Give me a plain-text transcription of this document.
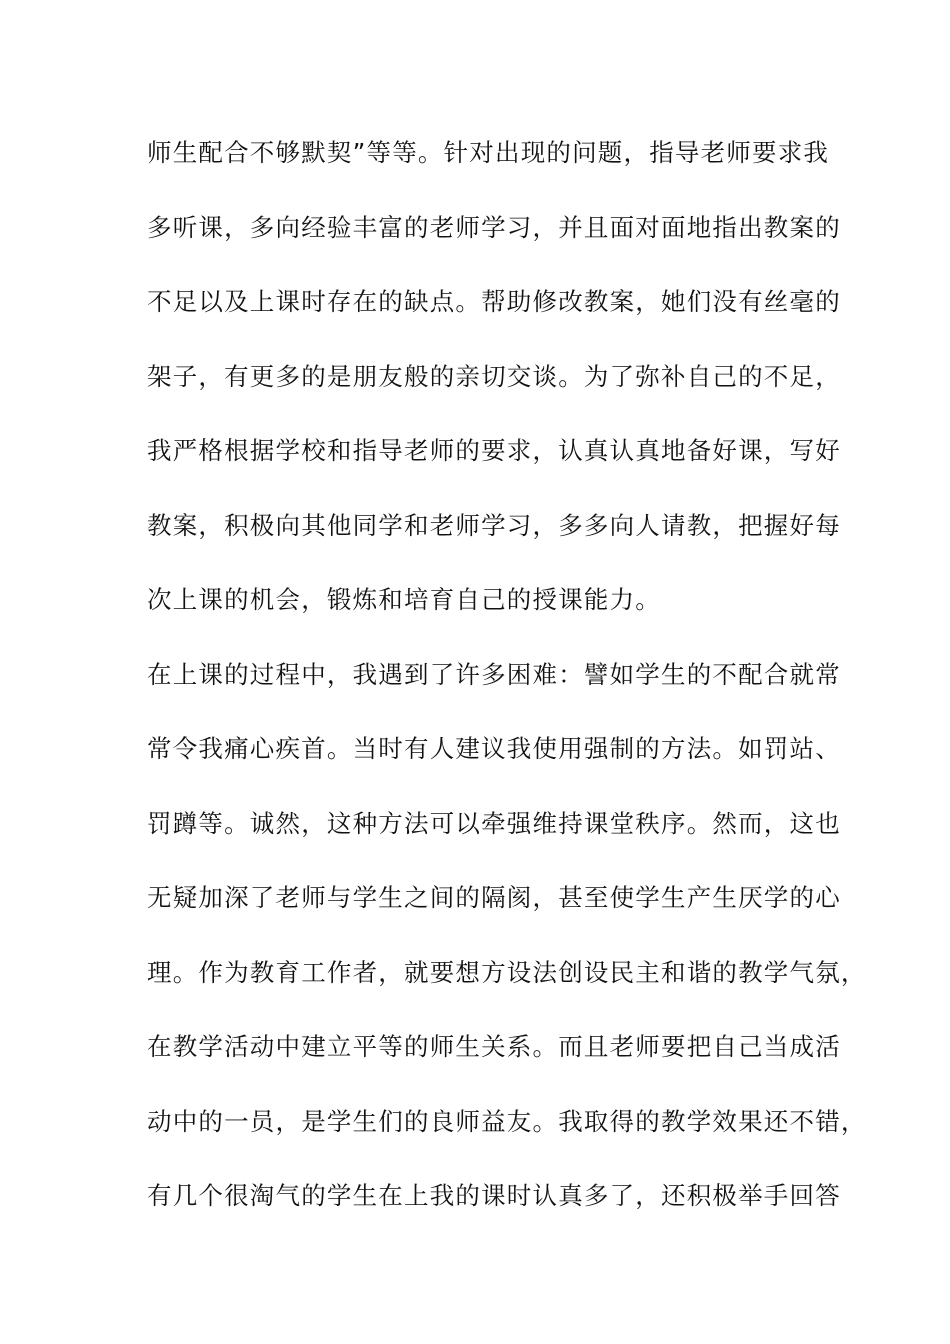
师生配合不够默契”等等。针对出现的问题，指导老师要求我
多听课，多向经验丰富的老师学习，并且面对面地指出教案的
不足以及上课时存在的缺点。帮助修改教案，她们没有丝毫的
架子，有更多的是朋友般的亲切交谈。为了弥补自己的不足，
我严格根据学校和指导老师的要求，认真认真地备好课，写好
教案，积极向其他同学和老师学习，多多向人请教，把握好每
次上课的机会，锻炼和培育自己的授课能力。
在上课的过程中，我遇到了许多困难：譬如学生的不配合就常
常令我痛心疾首。当时有人建议我使用强制的方法。如罚站、
罚蹲等。诚然，这种方法可以牵强维持课堂秩序。然而，这也
无疑加深了老师与学生之间的隔阂，甚至使学生产生厌学的心
理。作为教育工作者，就要想方设法创设民主和谐的教学气氛，
在教学活动中建立平等的师生关系。而且老师要把自己当成活
动中的一员，是学生们的良师益友。我取得的教学效果还不错，
有几个很淘气的学生在上我的课时认真多了，还积极举手回答
